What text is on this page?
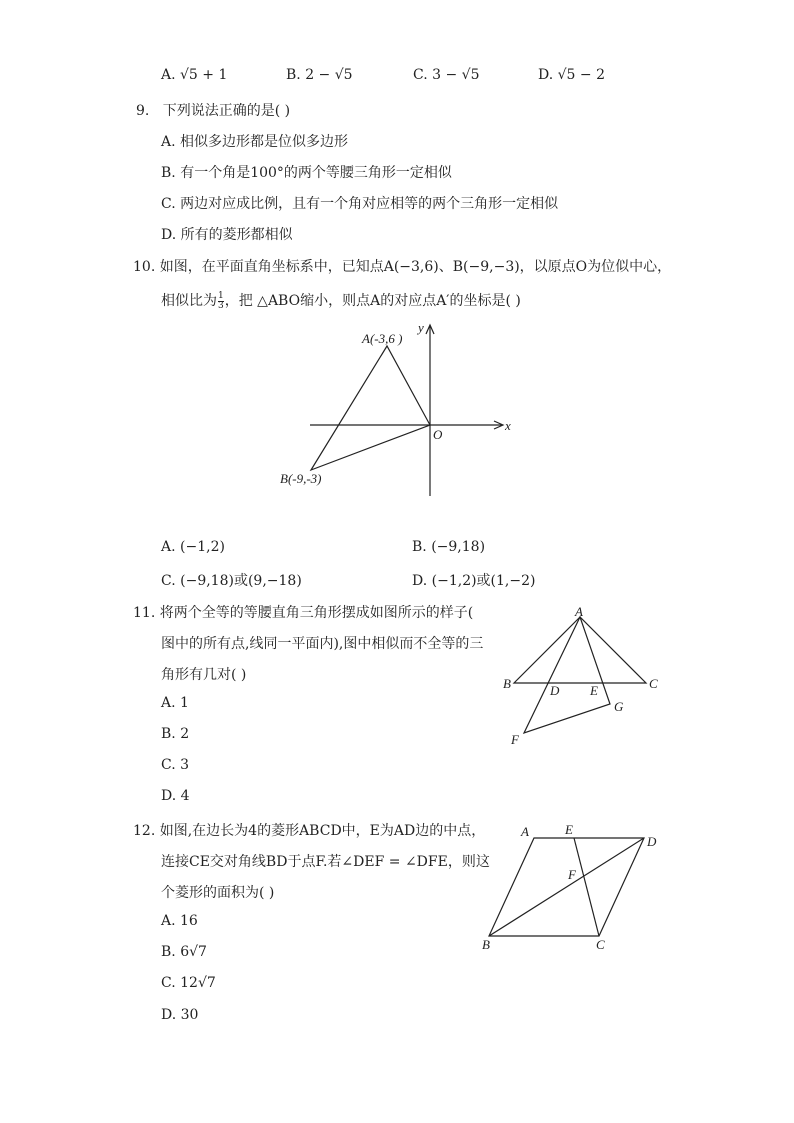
A. √5 + 1	B. 2 − √5	C. 3 − √5	D. √5 − 2
9. 下列说法正确的是( )
A. 相似多边形都是位似多边形
B. 有一个角是100°的两个等腰三角形一定相似
C. 两边对应成比例，且有一个角对应相等的两个三角形一定相似
D. 所有的菱形都相似
10. 如图，在平面直角坐标系中，已知点A(−3,6)、B(−9,−3)，以原点O为位似中心，
相似比为 $\frac{1}{3}$ ，把 △ABO缩小，则点A的对应点A′的坐标是( )
A(-3,6 )
B(-9,-3)
O
x
y
A. (−1,2)	B. (−9,18)
C. (−9,18)或(9,−18)	D. (−1,2)或(1,−2)
11. 将两个全等的等腰直角三角形摆成如图所示的样子(
图中的所有点,线同一平面内),图中相似而不全等的三
角形有几对( )
A
B	C
D E
F
G
A. 1
B. 2
C. 3
D. 4
12. 如图,在边长为4的菱形ABCD中，E为AD边的中点，
连接CE交对角线BD于点F.若∠DEF = ∠DFE，则这
个菱形的面积为( )
A	E
D
F
B	C
A. 16
B. 6√7
C. 12√7
D. 30
